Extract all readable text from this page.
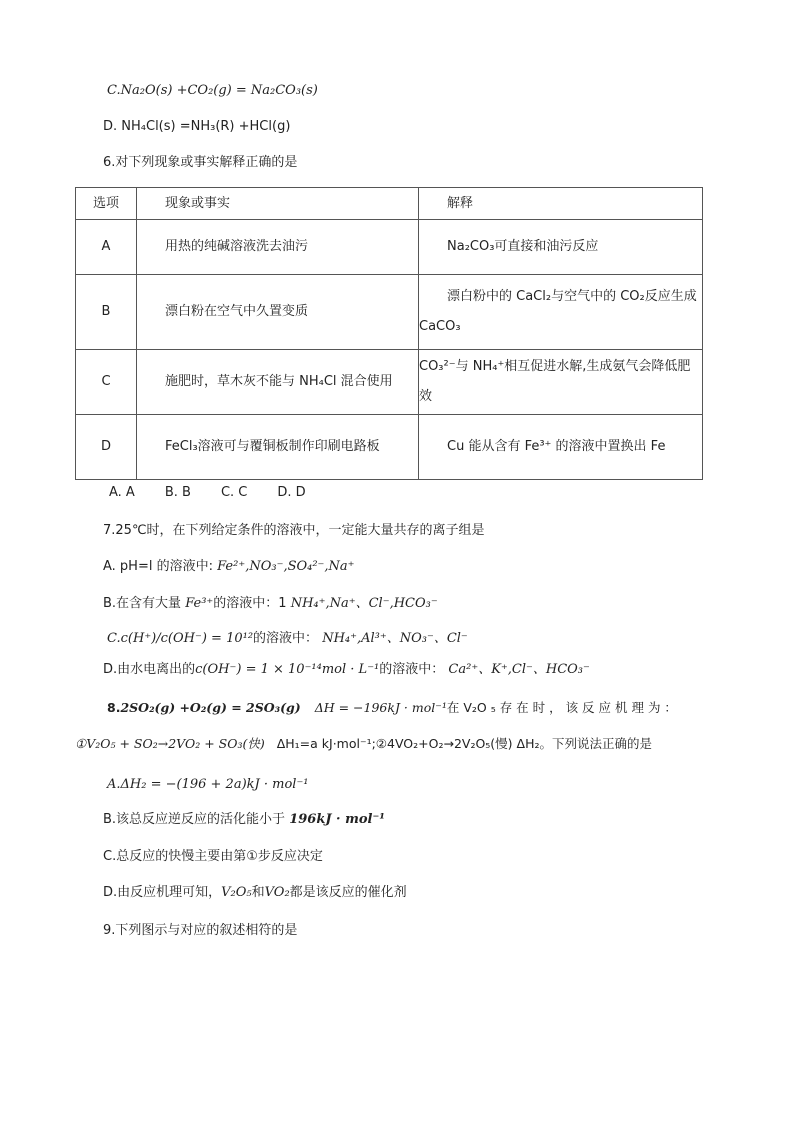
C.Na₂O(s) +CO₂(g) = Na₂CO₃(s)
D. NH₄Cl(s) =NH₃(R) +HCl(g)
6.对下列现象或事实解释正确的是
选项	现象或事实	解释
A	用热的纯碱溶液洗去油污	Na₂CO₃可直接和油污反应
B	漂白粉在空气中久置变质	漂白粉中的 CaCl₂与空气中的 CO₂反应生成 CaCO₃
C	施肥时，草木灰不能与 NH₄Cl 混合使用	CO₃²⁻与 NH₄⁺相互促进水解,生成氨气会降低肥效
D	FeCl₃溶液可与覆铜板制作印刷电路板	Cu 能从含有 Fe³⁺ 的溶液中置换出 Fe
A. A B. B C. C D. D
7.25℃时，在下列给定条件的溶液中，一定能大量共存的离子组是
A. pH=l 的溶液中: Fe²⁺,NO₃⁻,SO₄²⁻,Na⁺
B.在含有大量 Fe³⁺的溶液中：1 NH₄⁺,Na⁺、Cl⁻,HCO₃⁻
C.c(H⁺)/c(OH⁻) = 10¹²的溶液中： NH₄⁺,Al³⁺、NO₃⁻、Cl⁻
D.由水电离出的c(OH⁻) = 1 × 10⁻¹⁴mol · L⁻¹的溶液中： Ca²⁺、K⁺,Cl⁻、HCO₃⁻
8.2SO₂(g) +O₂(g) = 2SO₃(g) ΔH = −196kJ · mol⁻¹在 V₂O ₅ 存 在 时 ， 该 反 应 机 理 为 ：
①V₂O₅ + SO₂→2VO₂ + SO₃(快) ΔH₁=a kJ·mol⁻¹;②4VO₂+O₂→2V₂O₅(慢) ΔH₂。下列说法正确的是
A.ΔH₂ = −(196 + 2a)kJ · mol⁻¹
B.该总反应逆反应的活化能小于 196kJ · mol⁻¹
C.总反应的快慢主要由第①步反应决定
D.由反应机理可知，V₂O₅和VO₂都是该反应的催化剂
9.下列图示与对应的叙述相符的是
